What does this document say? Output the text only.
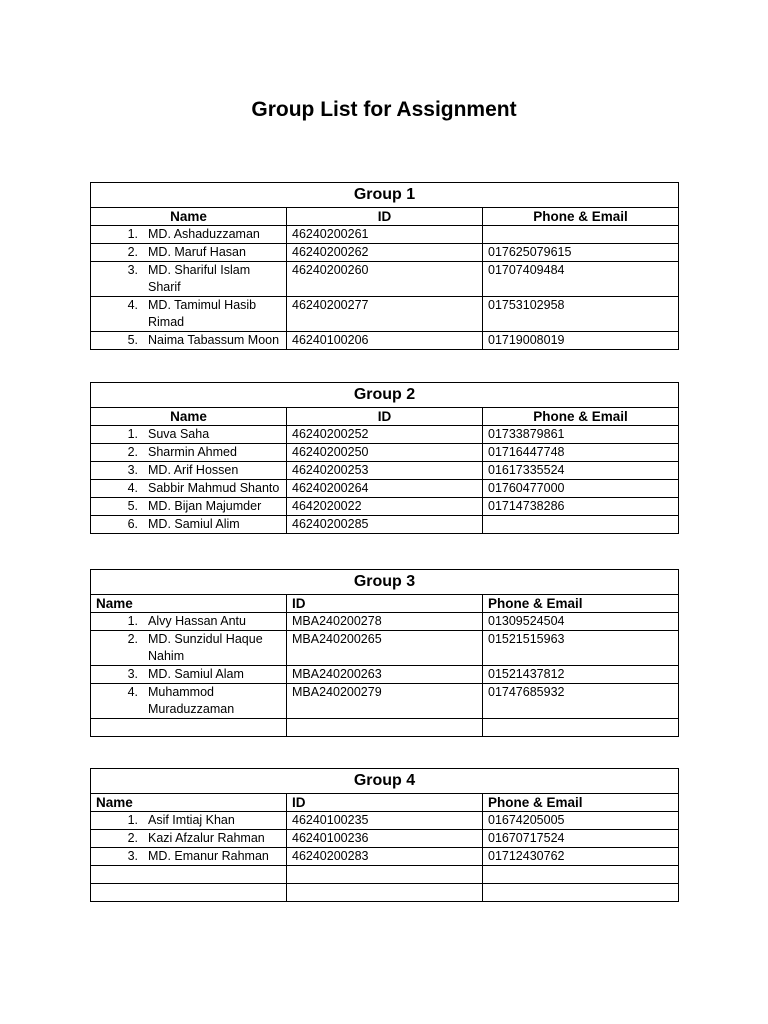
Group List for Assignment
Group 1		
Name	ID	Phone & Email

1. MD. Ashaduzzaman	46240200261	

2. MD. Maruf Hasan	46240200262	017625079615

3. MD. Shariful Islam Sharif	46240200260	01707409484

4. MD. Tamimul Hasib Rimad	46240200277	01753102958

5. Naima Tabassum Moon	46240100206	01719008019
Group 2		
Name	ID	Phone & Email

1. Suva Saha	46240200252	01733879861

2. Sharmin Ahmed	46240200250	01716447748

3. MD. Arif Hossen	46240200253	01617335524

4. Sabbir Mahmud Shanto	46240200264	01760477000

5. MD. Bijan Majumder	4642020022	01714738286

6. MD. Samiul Alim	46240200285	
Group 3		
Name	ID	Phone & Email

1. Alvy Hassan Antu	MBA240200278	01309524504

2. MD. Sunzidul Haque Nahim	MBA240200265	01521515963

3. MD. Samiul Alam	MBA240200263	01521437812

4. Muhammod Muraduzzaman	MBA240200279	01747685932

Group 4		
Name	ID	Phone & Email

1. Asif Imtiaj Khan	46240100235	01674205005

2. Kazi Afzalur Rahman	46240100236	01670717524

3. MD. Emanur Rahman	46240200283	01712430762
